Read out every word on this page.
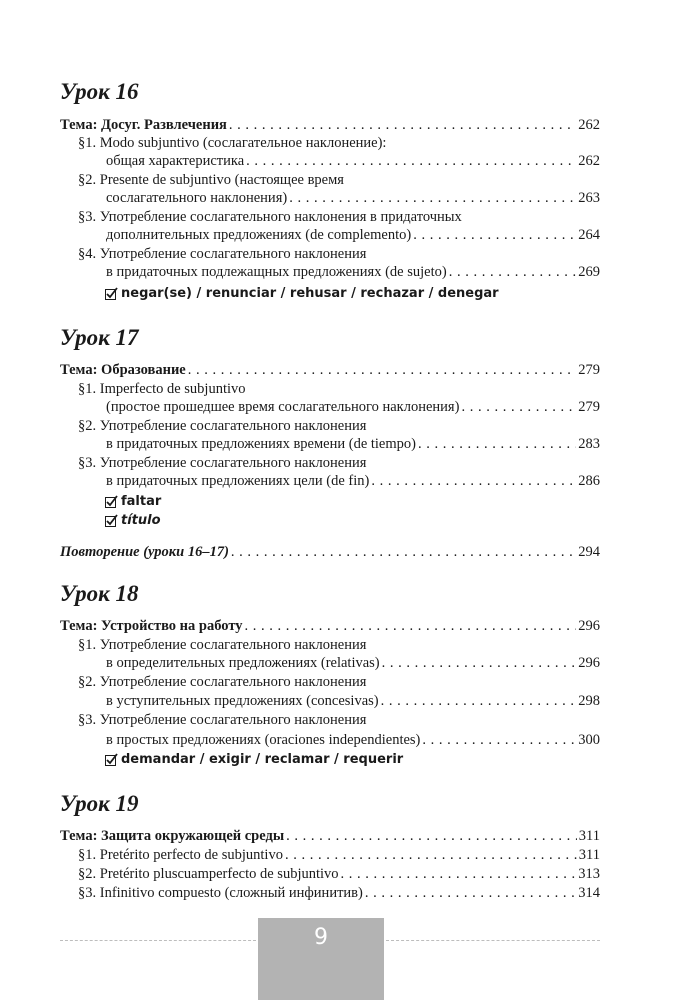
Урок 16
Тема: Досуг. Развлечения . . .	262
§1. Modo subjuntivo (сослагательное наклонение):
общая характеристика . . .	262
§2. Presente de subjuntivo (настоящее время
сослагательного наклонения) . . .	263
§3. Употребление сослагательного наклонения в придаточных
дополнительных предложениях (de complemento) . . .	264
§4. Употребление сослагательного наклонения
в придаточных подлежащных предложениях (de sujeto) . . .	269
negar(se) / renunciar / rehusar / rechazar / denegar
Урок 17
Тема: Образование . . .	279
§1. Imperfecto de subjuntivo
(простое прошедшее время сослагательного наклонения) . . .	279
§2. Употребление сослагательного наклонения
в придаточных предложениях времени (de tiempo) . . .	283
§3. Употребление сослагательного наклонения
в придаточных предложениях цели (de fin) . . .	286
faltar
título
Повторение (уроки 16–17) . . .	294
Урок 18
Тема: Устройство на работу . . .	296
§1. Употребление сослагательного наклонения
в определительных предложениях (relativas) . . .	296
§2. Употребление сослагательного наклонения
в уступительных предложениях (concesivas) . . .	298
§3. Употребление сослагательного наклонения
в простых предложениях (oraciones independientes) . . .	300
demandar / exigir / reclamar / requerir
Урок 19
Тема: Защита окружающей среды . . .	311
§1. Pretérito perfecto de subjuntivo . . .	311
§2. Pretérito pluscuamperfecto de subjuntivo . . .	313
§3. Infinitivo compuesto (сложный инфинитив) . . .	314
9
